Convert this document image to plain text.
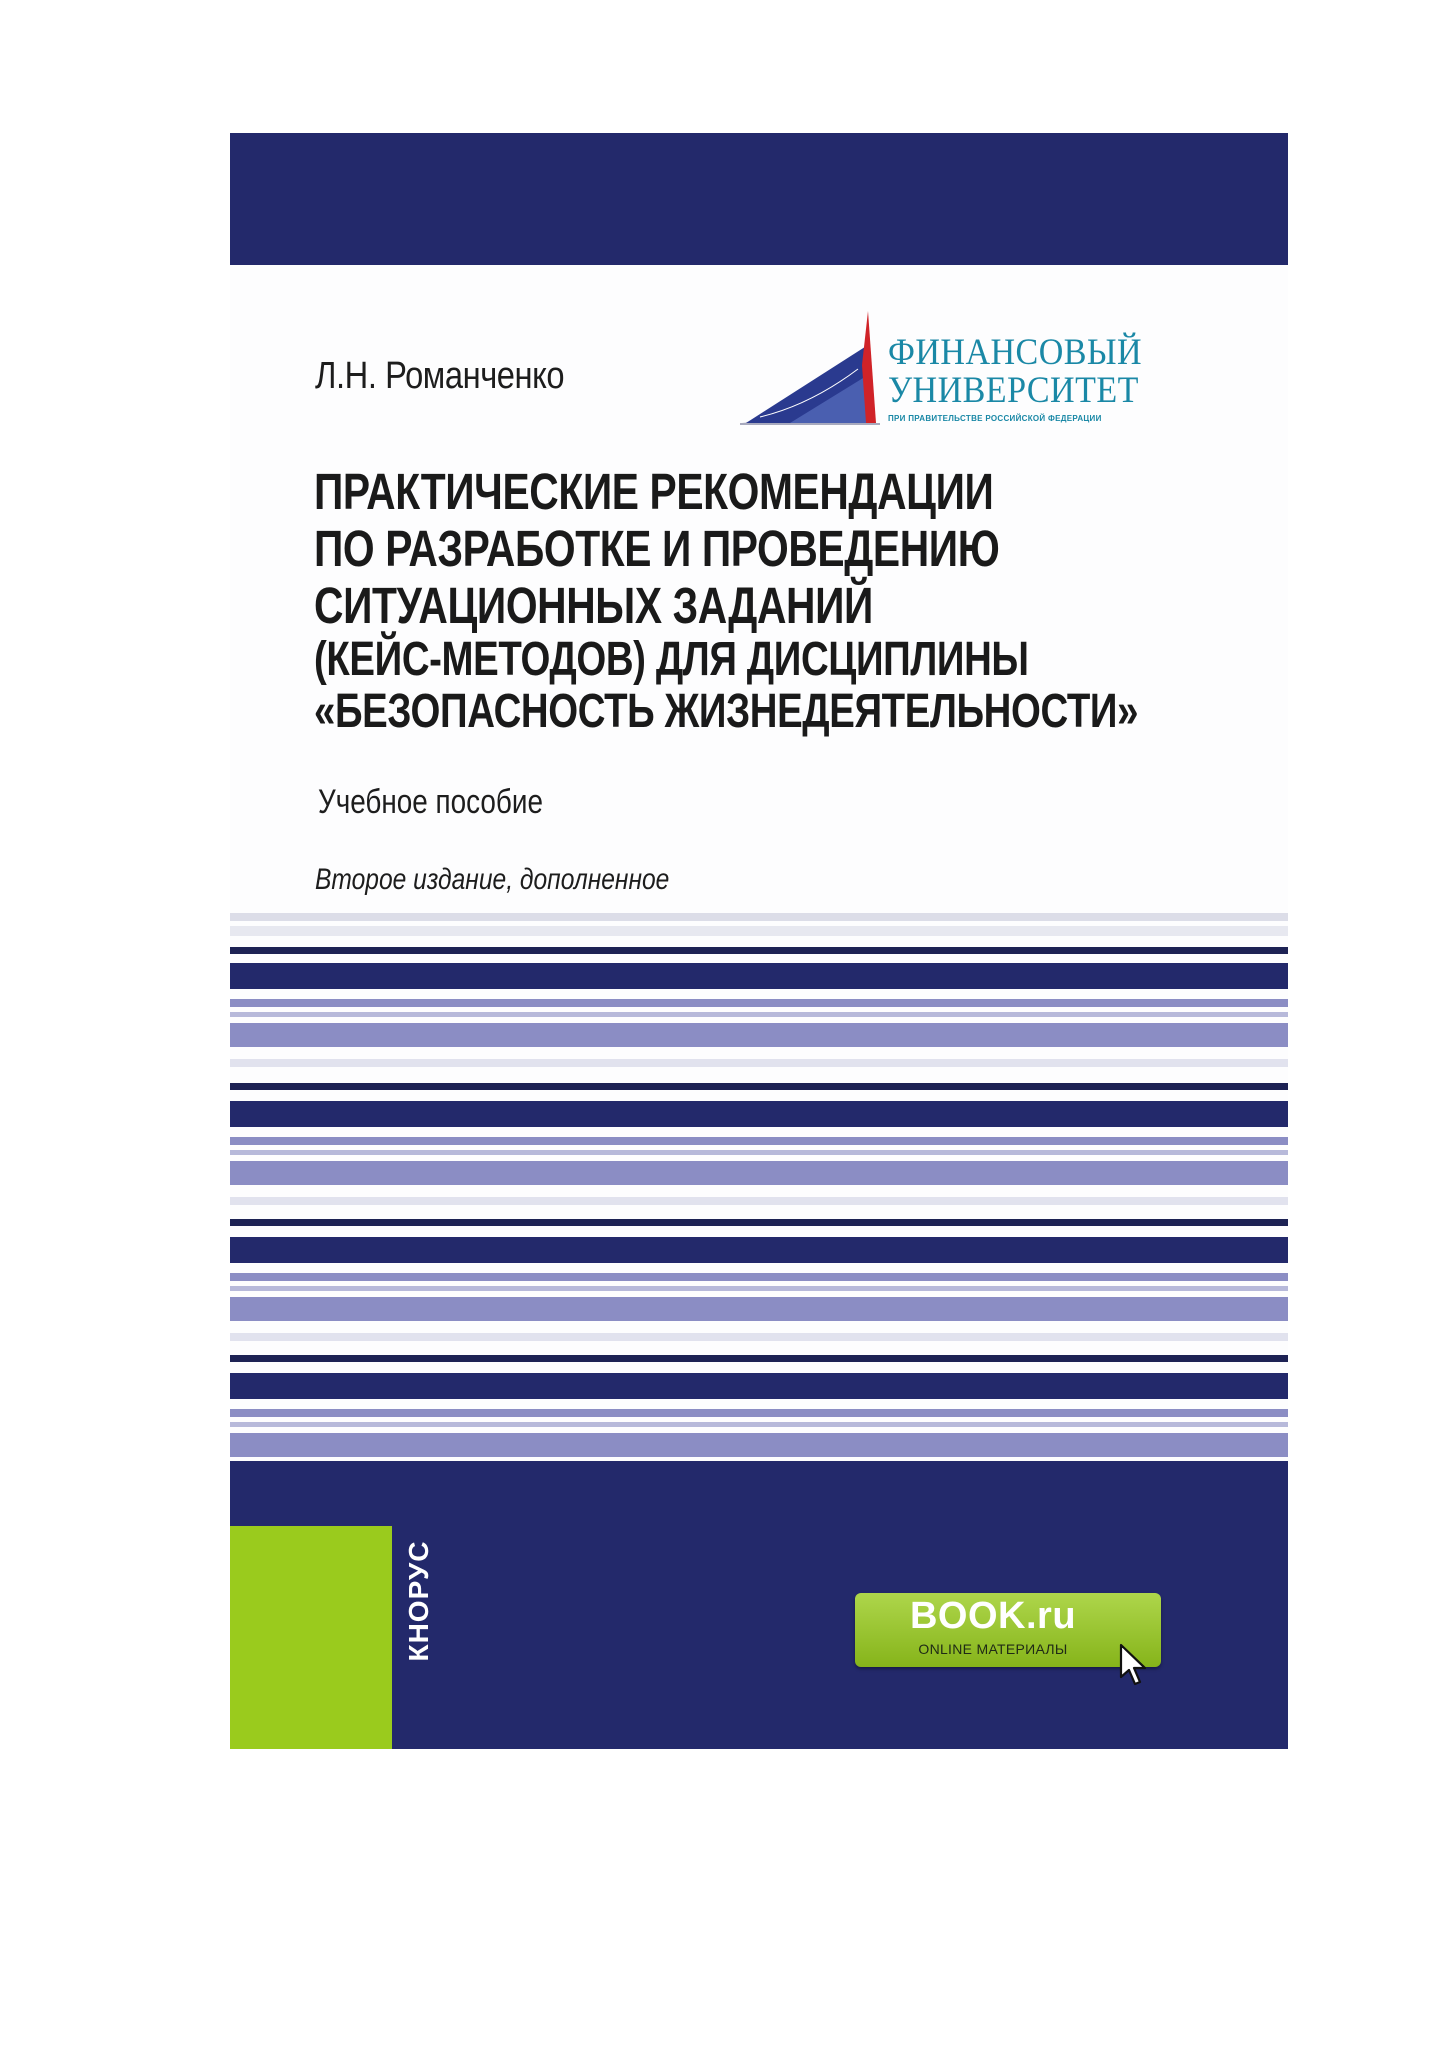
Л.Н. Романченко
ФИНАНСОВЫЙ
УНИВЕРСИТЕТ
ПРИ ПРАВИТЕЛЬСТВЕ РОССИЙСКОЙ ФЕДЕРАЦИИ
ПРАКТИЧЕСКИЕ РЕКОМЕНДАЦИИ
ПО РАЗРАБОТКЕ И ПРОВЕДЕНИЮ
СИТУАЦИОННЫХ ЗАДАНИЙ
(КЕЙС-МЕТОДОВ) ДЛЯ ДИСЦИПЛИНЫ
«БЕЗОПАСНОСТЬ ЖИЗНЕДЕЯТЕЛЬНОСТИ»
Учебное пособие
Второе издание, дополненное
КНОРУС	BOOK.ru
ONLINE МАТЕРИАЛЫ
